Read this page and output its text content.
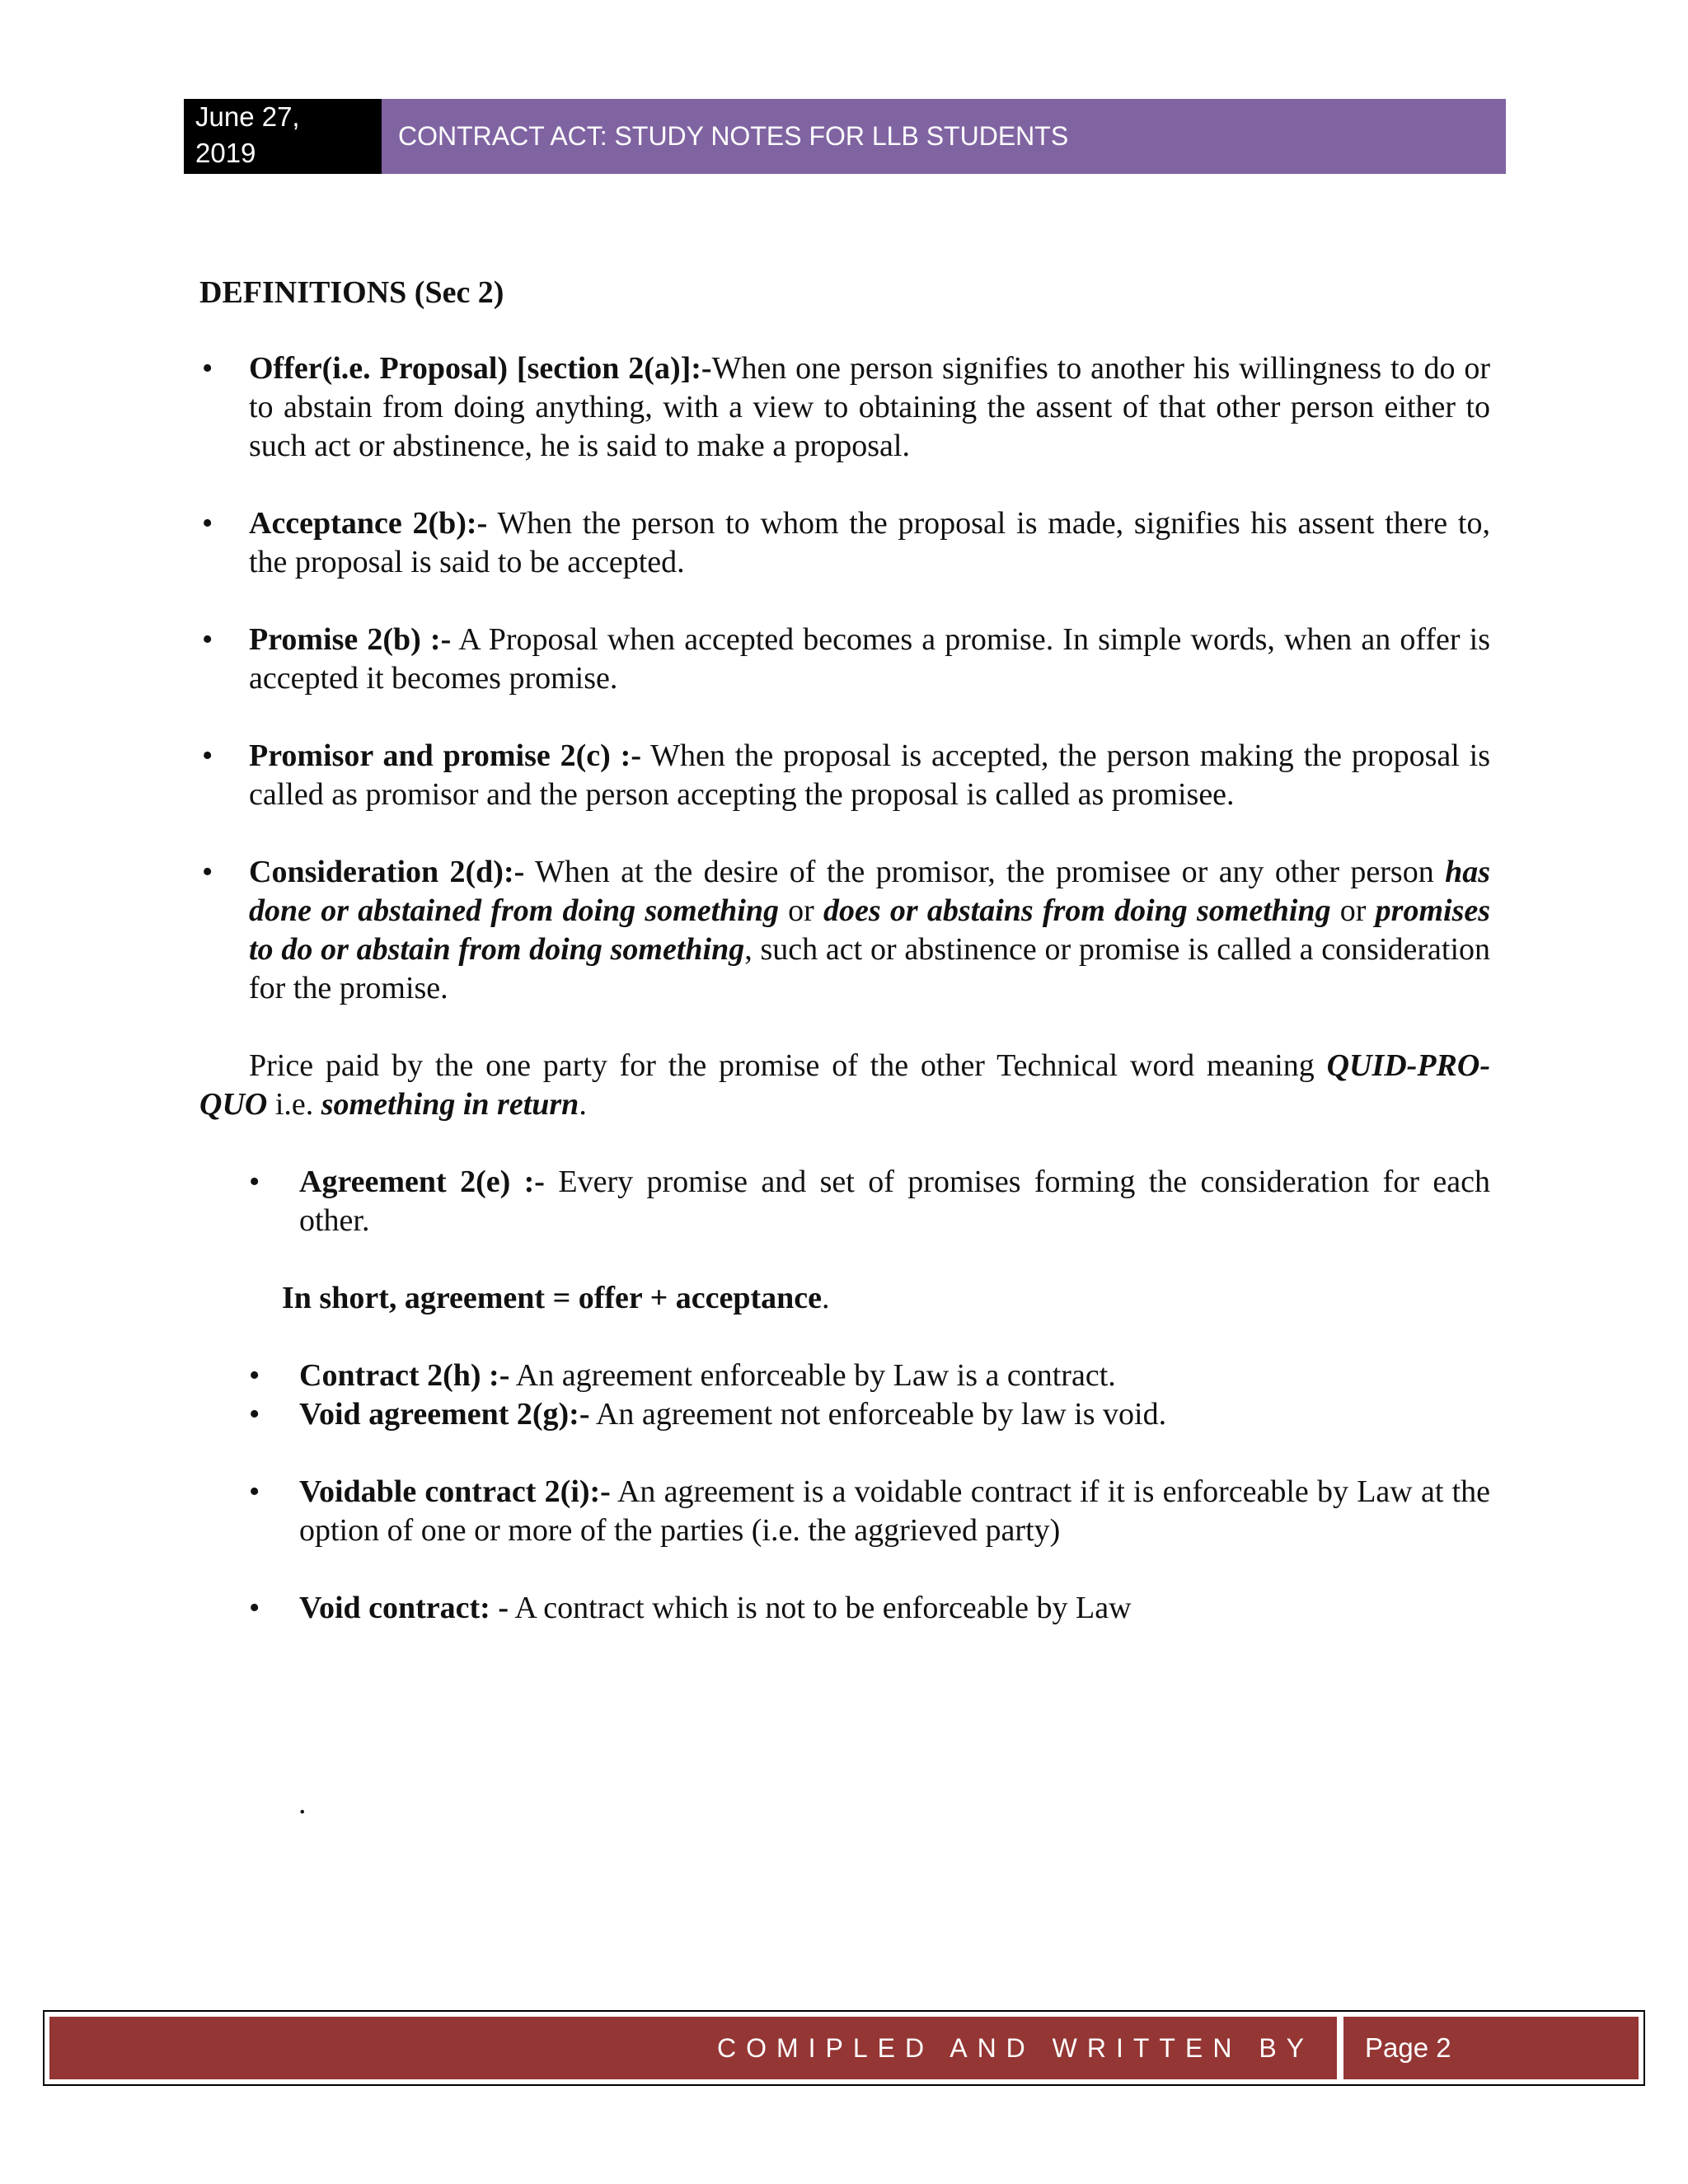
June 27,
2019
CONTRACT ACT: STUDY NOTES FOR LLB STUDENTS

DEFINITIONS (Sec 2)

• Offer(i.e. Proposal) [section 2(a)]:-When one person signifies to another his willingness to do or to abstain from doing anything, with a view to obtaining the assent of that other person either to such act or abstinence, he is said to make a proposal.

• Acceptance 2(b):- When the person to whom the proposal is made, signifies his assent there to, the proposal is said to be accepted.

• Promise 2(b) :- A Proposal when accepted becomes a promise. In simple words, when an offer is accepted it becomes promise.

• Promisor and promise 2(c) :- When the proposal is accepted, the person making the proposal is called as promisor and the person accepting the proposal is called as promisee.

• Consideration 2(d):- When at the desire of the promisor, the promisee or any other person has done or abstained from doing something or does or abstains from doing something or promises to do or abstain from doing something, such act or abstinence or promise is called a consideration for the promise.

Price paid by the one party for the promise of the other Technical word meaning QUID-PRO-QUO i.e. something in return.

• Agreement 2(e) :- Every promise and set of promises forming the consideration for each other.

In short, agreement = offer + acceptance.

• Contract 2(h) :- An agreement enforceable by Law is a contract.

• Void agreement 2(g):- An agreement not enforceable by law is void.

• Voidable contract 2(i):- An agreement is a voidable contract if it is enforceable by Law at the option of one or more of the parties (i.e. the aggrieved party)

• Void contract: - A contract which is not to be enforceable by Law

.

COMIPLED AND WRITTEN BY	Page 2
